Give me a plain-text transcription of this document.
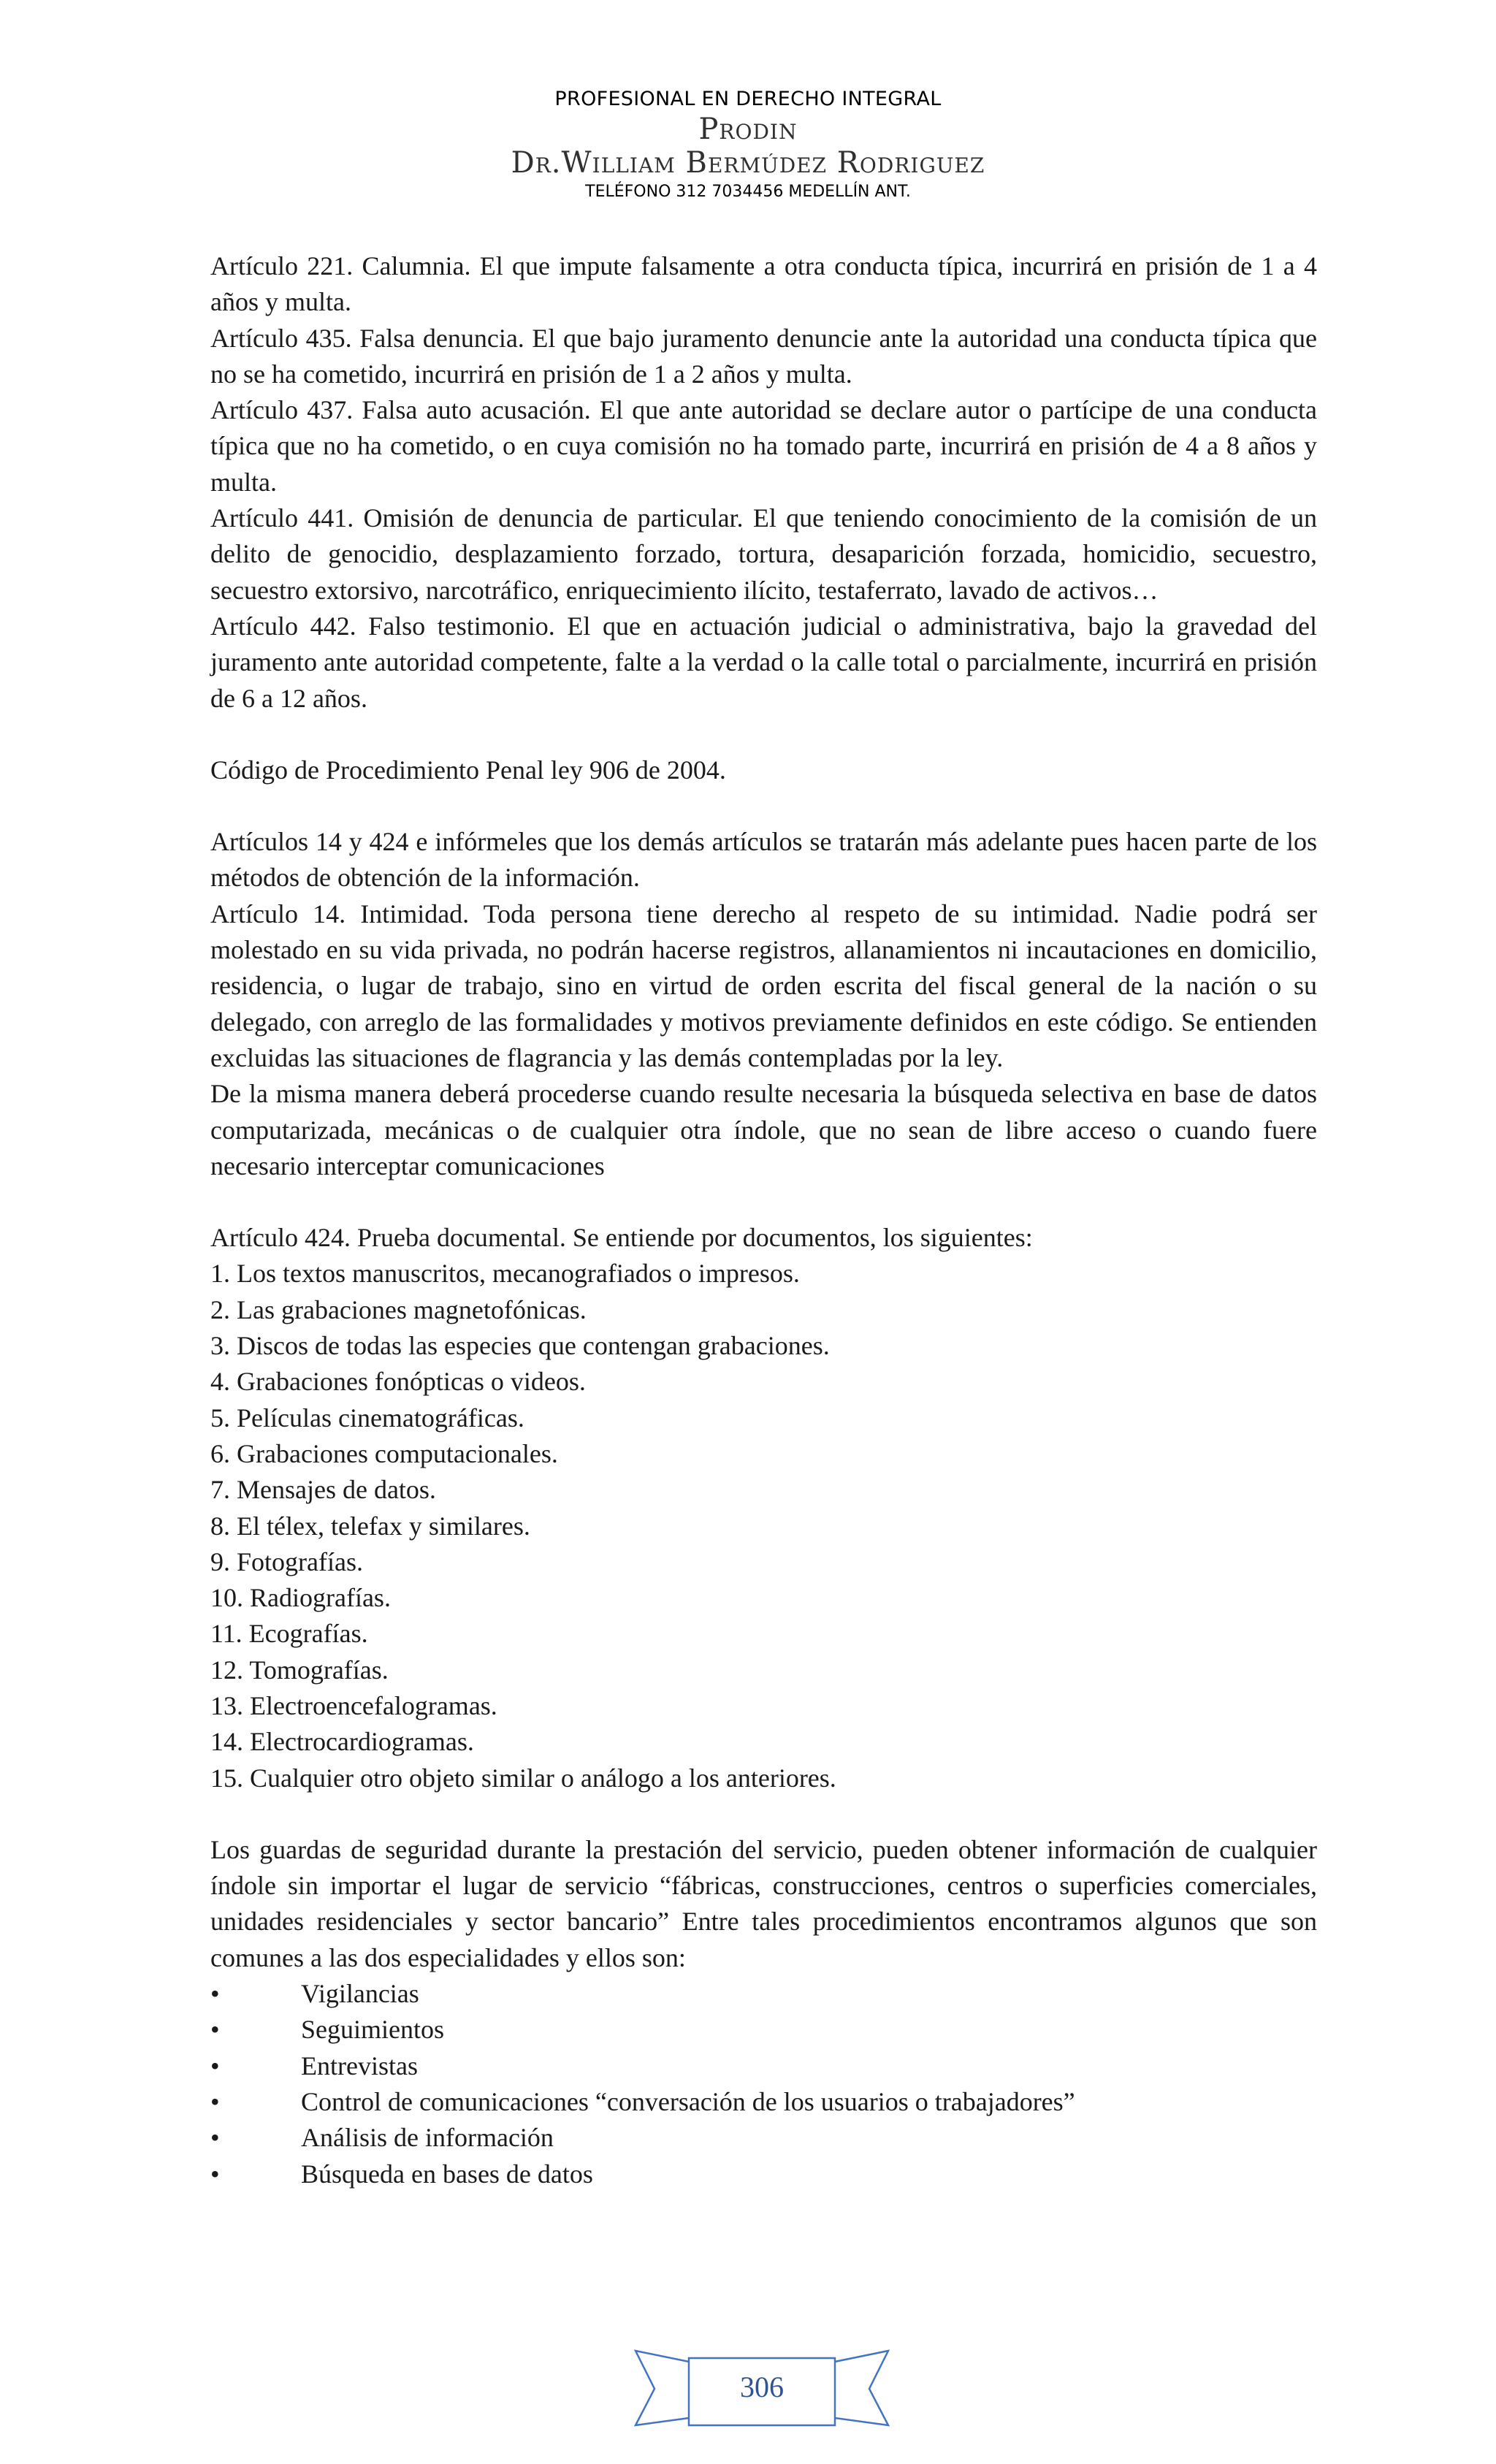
PROFESIONAL EN DERECHO INTEGRAL
Prodin
Dr.William Bermúdez Rodriguez
TELÉFONO 312 7034456 MEDELLÍN ANT.

Artículo 221. Calumnia. El que impute falsamente a otra conducta típica, incurrirá en prisión de 1 a 4 años y multa.

Artículo 435. Falsa denuncia. El que bajo juramento denuncie ante la autoridad una conducta típica que no se ha cometido, incurrirá en prisión de 1 a 2 años y multa.

Artículo 437. Falsa auto acusación. El que ante autoridad se declare autor o partícipe de una conducta típica que no ha cometido, o en cuya comisión no ha tomado parte, incurrirá en prisión de 4 a 8 años y multa.

Artículo 441. Omisión de denuncia de particular. El que teniendo conocimiento de la comisión de un delito de genocidio, desplazamiento forzado, tortura, desaparición forzada, homicidio, secuestro, secuestro extorsivo, narcotráfico, enriquecimiento ilícito, testaferrato, lavado de activos…

Artículo 442. Falso testimonio. El que en actuación judicial o administrativa, bajo la gravedad del juramento ante autoridad competente, falte a la verdad o la calle total o parcialmente, incurrirá en prisión de 6 a 12 años.

Código de Procedimiento Penal ley 906 de 2004.

Artículos 14 y 424 e infórmeles que los demás artículos se tratarán más adelante pues hacen parte de los métodos de obtención de la información.

Artículo 14. Intimidad. Toda persona tiene derecho al respeto de su intimidad. Nadie podrá ser molestado en su vida privada, no podrán hacerse registros, allanamientos ni incautaciones en domicilio, residencia, o lugar de trabajo, sino en virtud de orden escrita del fiscal general de la nación o su delegado, con arreglo de las formalidades y motivos previamente definidos en este código. Se entienden excluidas las situaciones de flagrancia y las demás contempladas por la ley.

De la misma manera deberá procederse cuando resulte necesaria la búsqueda selectiva en base de datos computarizada, mecánicas o de cualquier otra índole, que no sean de libre acceso o cuando fuere necesario interceptar comunicaciones

Artículo 424. Prueba documental. Se entiende por documentos, los siguientes:

1. Los textos manuscritos, mecanografiados o impresos.

2. Las grabaciones magnetofónicas.

3. Discos de todas las especies que contengan grabaciones.

4. Grabaciones fonópticas o videos.

5. Películas cinematográficas.

6. Grabaciones computacionales.

7. Mensajes de datos.

8. El télex, telefax y similares.

9. Fotografías.

10. Radiografías.

11. Ecografías.

12. Tomografías.

13. Electroencefalogramas.

14. Electrocardiogramas.

15. Cualquier otro objeto similar o análogo a los anteriores.

Los guardas de seguridad durante la prestación del servicio, pueden obtener información de cualquier índole sin importar el lugar de servicio “fábricas, construcciones, centros o superficies comerciales, unidades residenciales y sector bancario” Entre tales procedimientos encontramos algunos que son comunes a las dos especialidades y ellos son:

•	Vigilancias
•	Seguimientos
•	Entrevistas
•	Control de comunicaciones “conversación de los usuarios o trabajadores”
•	Análisis de información
•	Búsqueda en bases de datos
306
